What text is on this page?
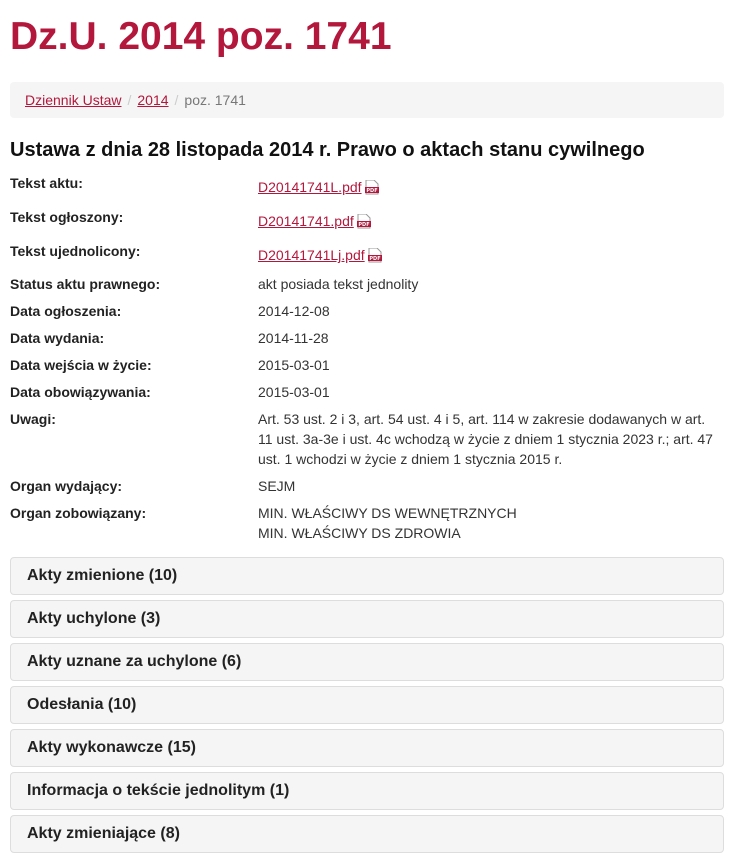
Dz.U. 2014 poz. 1741
Dziennik Ustaw / 2014 / poz. 1741
Ustawa z dnia 28 listopada 2014 r. Prawo o aktach stanu cywilnego
Tekst aktu:	D20141741L.pdf PDF
Tekst ogłoszony:	D20141741.pdf PDF
Tekst ujednolicony:	D20141741Lj.pdf PDF
Status aktu prawnego:	akt posiada tekst jednolity
Data ogłoszenia:	2014-12-08
Data wydania:	2014-11-28
Data wejścia w życie:	2015-03-01
Data obowiązywania:	2015-03-01
Uwagi:	Art. 53 ust. 2 i 3, art. 54 ust. 4 i 5, art. 114 w zakresie dodawanych w art. 11 ust. 3a-3e i ust. 4c wchodzą w życie z dniem 1 stycznia 2023 r.; art. 47 ust. 1 wchodzi w życie z dniem 1 stycznia 2015 r.
Organ wydający:	SEJM
Organ zobowiązany:	MIN. WŁAŚCIWY DS WEWNĘTRZNYCH
MIN. WŁAŚCIWY DS ZDROWIA
Akty zmienione (10)
Akty uchylone (3)
Akty uznane za uchylone (6)
Odesłania (10)
Akty wykonawcze (15)
Informacja o tekście jednolitym (1)
Akty zmieniające (8)
